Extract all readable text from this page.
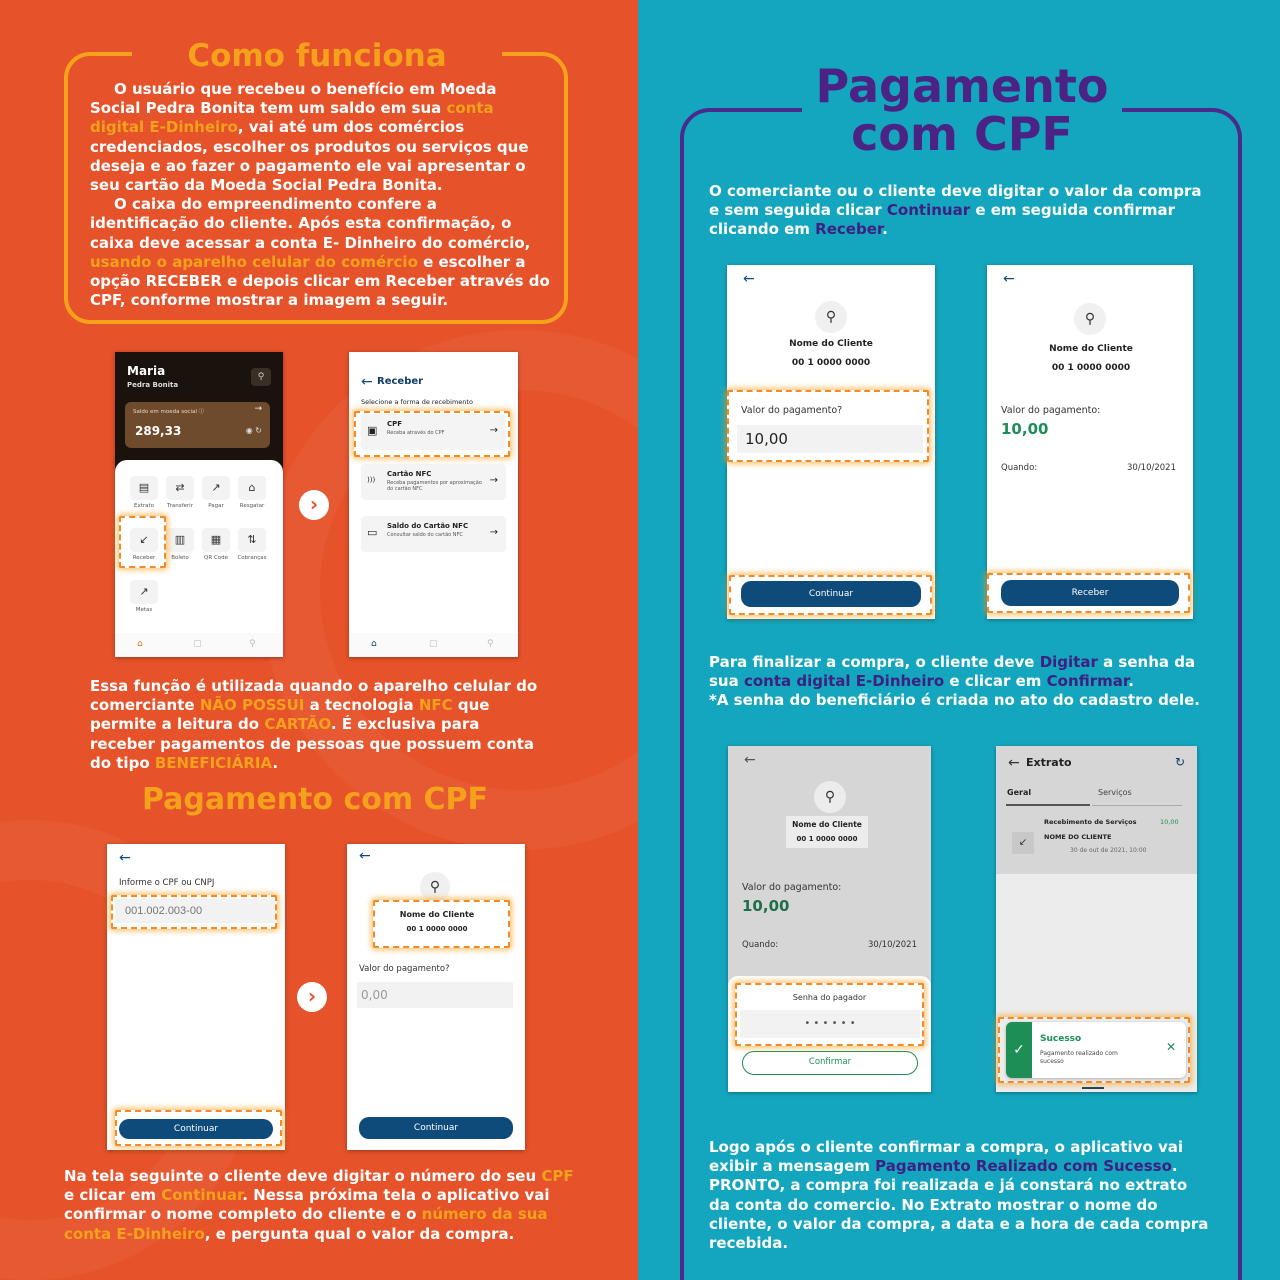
Como funciona

O usuário que recebeu o benefício em Moeda Social Pedra Bonita tem um saldo em sua conta digital E-Dinheiro, vai até um dos comércios credenciados, escolher os produtos ou serviços que deseja e ao fazer o pagamento ele vai apresentar o seu cartão da Moeda Social Pedra Bonita.

O caixa do empreendimento confere a identificação do cliente. Após esta confirmação, o caixa deve acessar a conta E- Dinheiro do comércio, usando o aparelho celular do comércio e escolher a opção RECEBER e depois clicar em Receber através do CPF, conforme mostrar a imagem a seguir.

Maria
Pedra Bonita
⚲
Saldo em moeda social ⓘ	→
289,33	◉ ↻
▤
Extrato
⇄
Transferir
↗
Pagar
⌂
Resgatar
↙
Receber
▥
Boleto
▦
QR Code
⇅
Cobranças
↗
Metas
⌂	▢	⚲
›
← Receber
Selecione a forma de recebimento
▣ CPF
Receba através do CPF	→
)))
Cartão NFC
Receba pagamentos por aproximação do cartão NFC
→
▭ Saldo do Cartão NFC
Consultar saldo do cartão NFC	→
⌂	▢	⚲
Essa função é utilizada quando o aparelho celular do comerciante NÃO POSSUI a tecnologia NFC que permite a leitura do CARTÃO. É exclusiva para receber pagamentos de pessoas que possuem conta do tipo BENEFICIÁRIA.
Pagamento com CPF
←
Informe o CPF ou CNPJ
001.002.003-00
Continuar
›
←
⚲
Nome do Cliente
00 1 0000 0000
Valor do pagamento?
0,00
Continuar
Na tela seguinte o cliente deve digitar o número do seu CPF e clicar em Continuar. Nessa próxima tela o aplicativo vai confirmar o nome completo do cliente e o número da sua conta E-Dinheiro, e pergunta qual o valor da compra.
Pagamento
com CPF
O comerciante ou o cliente deve digitar o valor da compra e sem seguida clicar Continuar e em seguida confirmar clicando em Receber.
←
⚲
Nome do Cliente
00 1 0000 0000
Valor do pagamento?
10,00
Continuar
←
⚲
Nome do Cliente
00 1 0000 0000
Valor do pagamento:
10,00
Quando:	30/10/2021
Receber
Para finalizar a compra, o cliente deve Digitar a senha da sua conta digital E-Dinheiro e clicar em Confirmar.
*A senha do beneficiário é criada no ato do cadastro dele.
←
⚲
Nome do Cliente
00 1 0000 0000
Valor do pagamento:
10,00
Quando:	30/10/2021
Senha do pagador
• • • • • •
Confirmar
← Extrato	↻
Geral	Serviços
↙
Recebimento de Serviços	10,00
NOME DO CLIENTE
30 de out de 2021, 10:00
✓
Sucesso
Pagamento realizado com sucesso
✕
Logo após o cliente confirmar a compra, o aplicativo vai exibir a mensagem Pagamento Realizado com Sucesso. PRONTO, a compra foi realizada e já constará no extrato da conta do comercio. No Extrato mostrar o nome do cliente, o valor da compra, a data e a hora de cada compra recebida.
